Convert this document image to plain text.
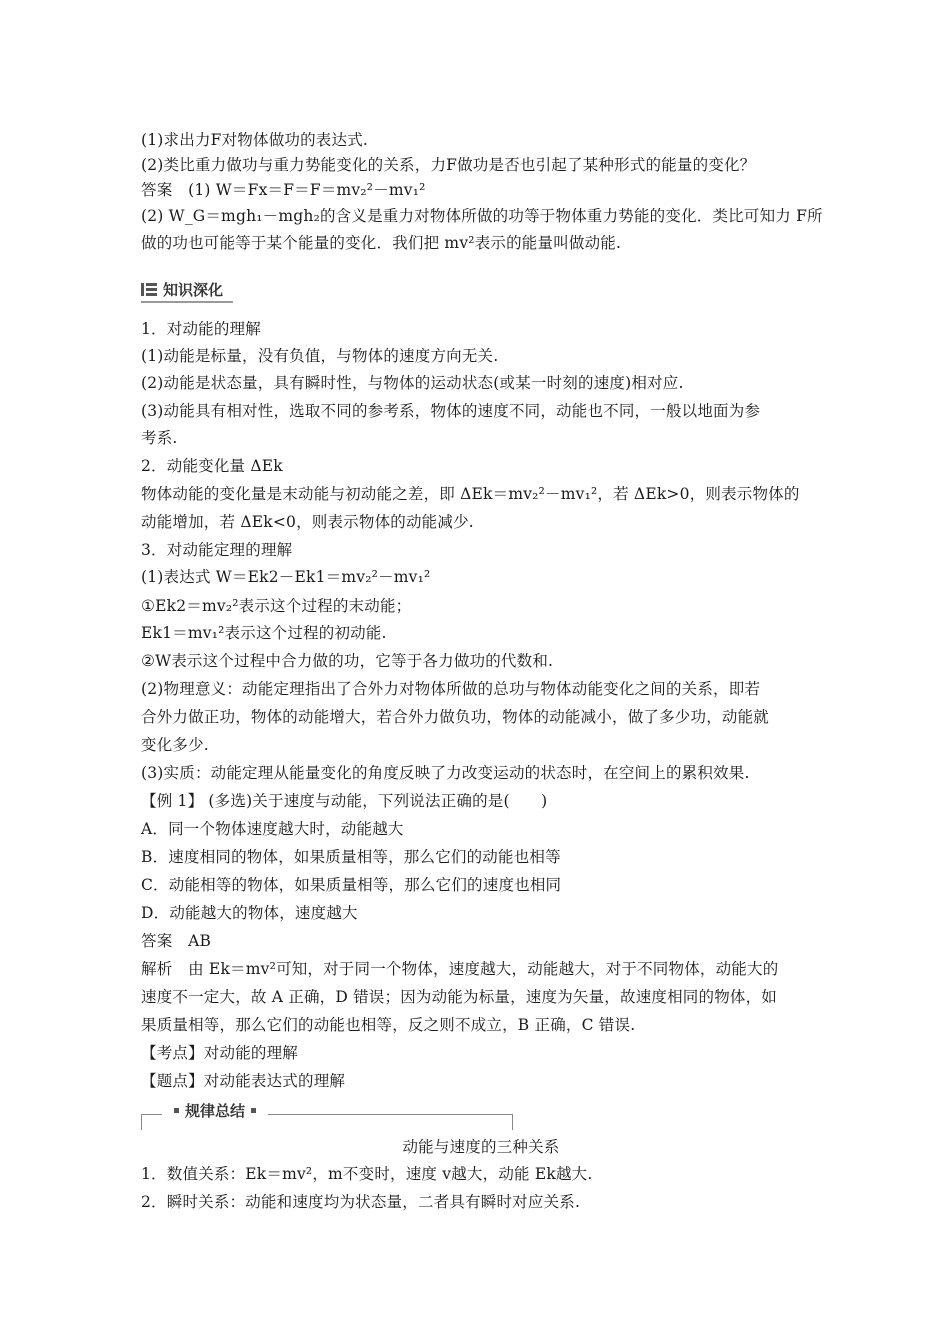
(1)求出力F对物体做功的表达式.
(2)类比重力做功与重力势能变化的关系，力F做功是否也引起了某种形式的能量的变化？
答案　(1) W＝Fx＝F＝F＝mv₂²－mv₁²
(2) W_G＝mgh₁－mgh₂的含义是重力对物体所做的功等于物体重力势能的变化．类比可知力 F所
做的功也可能等于某个能量的变化．我们把 mv²表示的能量叫做动能.
知识深化
1．对动能的理解
(1)动能是标量，没有负值，与物体的速度方向无关.
(2)动能是状态量，具有瞬时性，与物体的运动状态(或某一时刻的速度)相对应.
(3)动能具有相对性，选取不同的参考系，物体的速度不同，动能也不同，一般以地面为参
考系.
2．动能变化量 ΔEk
物体动能的变化量是末动能与初动能之差，即 ΔEk＝mv₂²－mv₁²，若 ΔEk>0，则表示物体的
动能增加，若 ΔEk<0，则表示物体的动能减少.
3．对动能定理的理解
(1)表达式 W＝Ek2－Ek1＝mv₂²－mv₁²
①Ek2＝mv₂²表示这个过程的末动能；
Ek1＝mv₁²表示这个过程的初动能.
②W表示这个过程中合力做的功，它等于各力做功的代数和.
(2)物理意义：动能定理指出了合外力对物体所做的总功与物体动能变化之间的关系，即若
合外力做正功，物体的动能增大，若合外力做负功，物体的动能减小，做了多少功，动能就
变化多少.
(3)实质：动能定理从能量变化的角度反映了力改变运动的状态时，在空间上的累积效果.
【例 1】 (多选)关于速度与动能，下列说法正确的是(　　)
A．同一个物体速度越大时，动能越大
B．速度相同的物体，如果质量相等，那么它们的动能也相等
C．动能相等的物体，如果质量相等，那么它们的速度也相同
D．动能越大的物体，速度越大
答案　AB
解析　由 Ek＝mv²可知，对于同一个物体，速度越大，动能越大，对于不同物体，动能大的
速度不一定大，故 A 正确，D 错误；因为动能为标量，速度为矢量，故速度相同的物体，如
果质量相等，那么它们的动能也相等，反之则不成立，B 正确，C 错误.
【考点】对动能的理解
【题点】对动能表达式的理解
规律总结
动能与速度的三种关系
1．数值关系：Ek＝mv²，m不变时，速度 v越大，动能 Ek越大.
2．瞬时关系：动能和速度均为状态量，二者具有瞬时对应关系.
